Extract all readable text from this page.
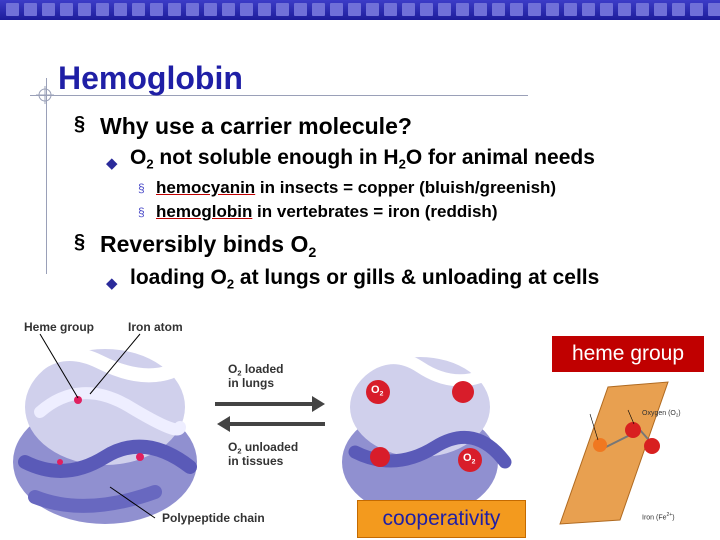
Hemoglobin
§ Why use a carrier molecule?
◆ $O_2$ not soluble enough in $H_2O$ for animal needs
§ hemocyanin in insects = copper (bluish/greenish)
§ hemoglobin in vertebrates = iron (reddish)
§ Reversibly binds $O_2$
◆ loading $O_2$ at lungs or gills & unloading at cells
Heme group	Iron atom
$O_2$ loaded
in lungs
$O_2$ unloaded
in tissues
Polypeptide chain
$O_2$
$O_2$
Oxygen $(O_2)$
Iron $(Fe^{2+})$
heme group
cooperativity
